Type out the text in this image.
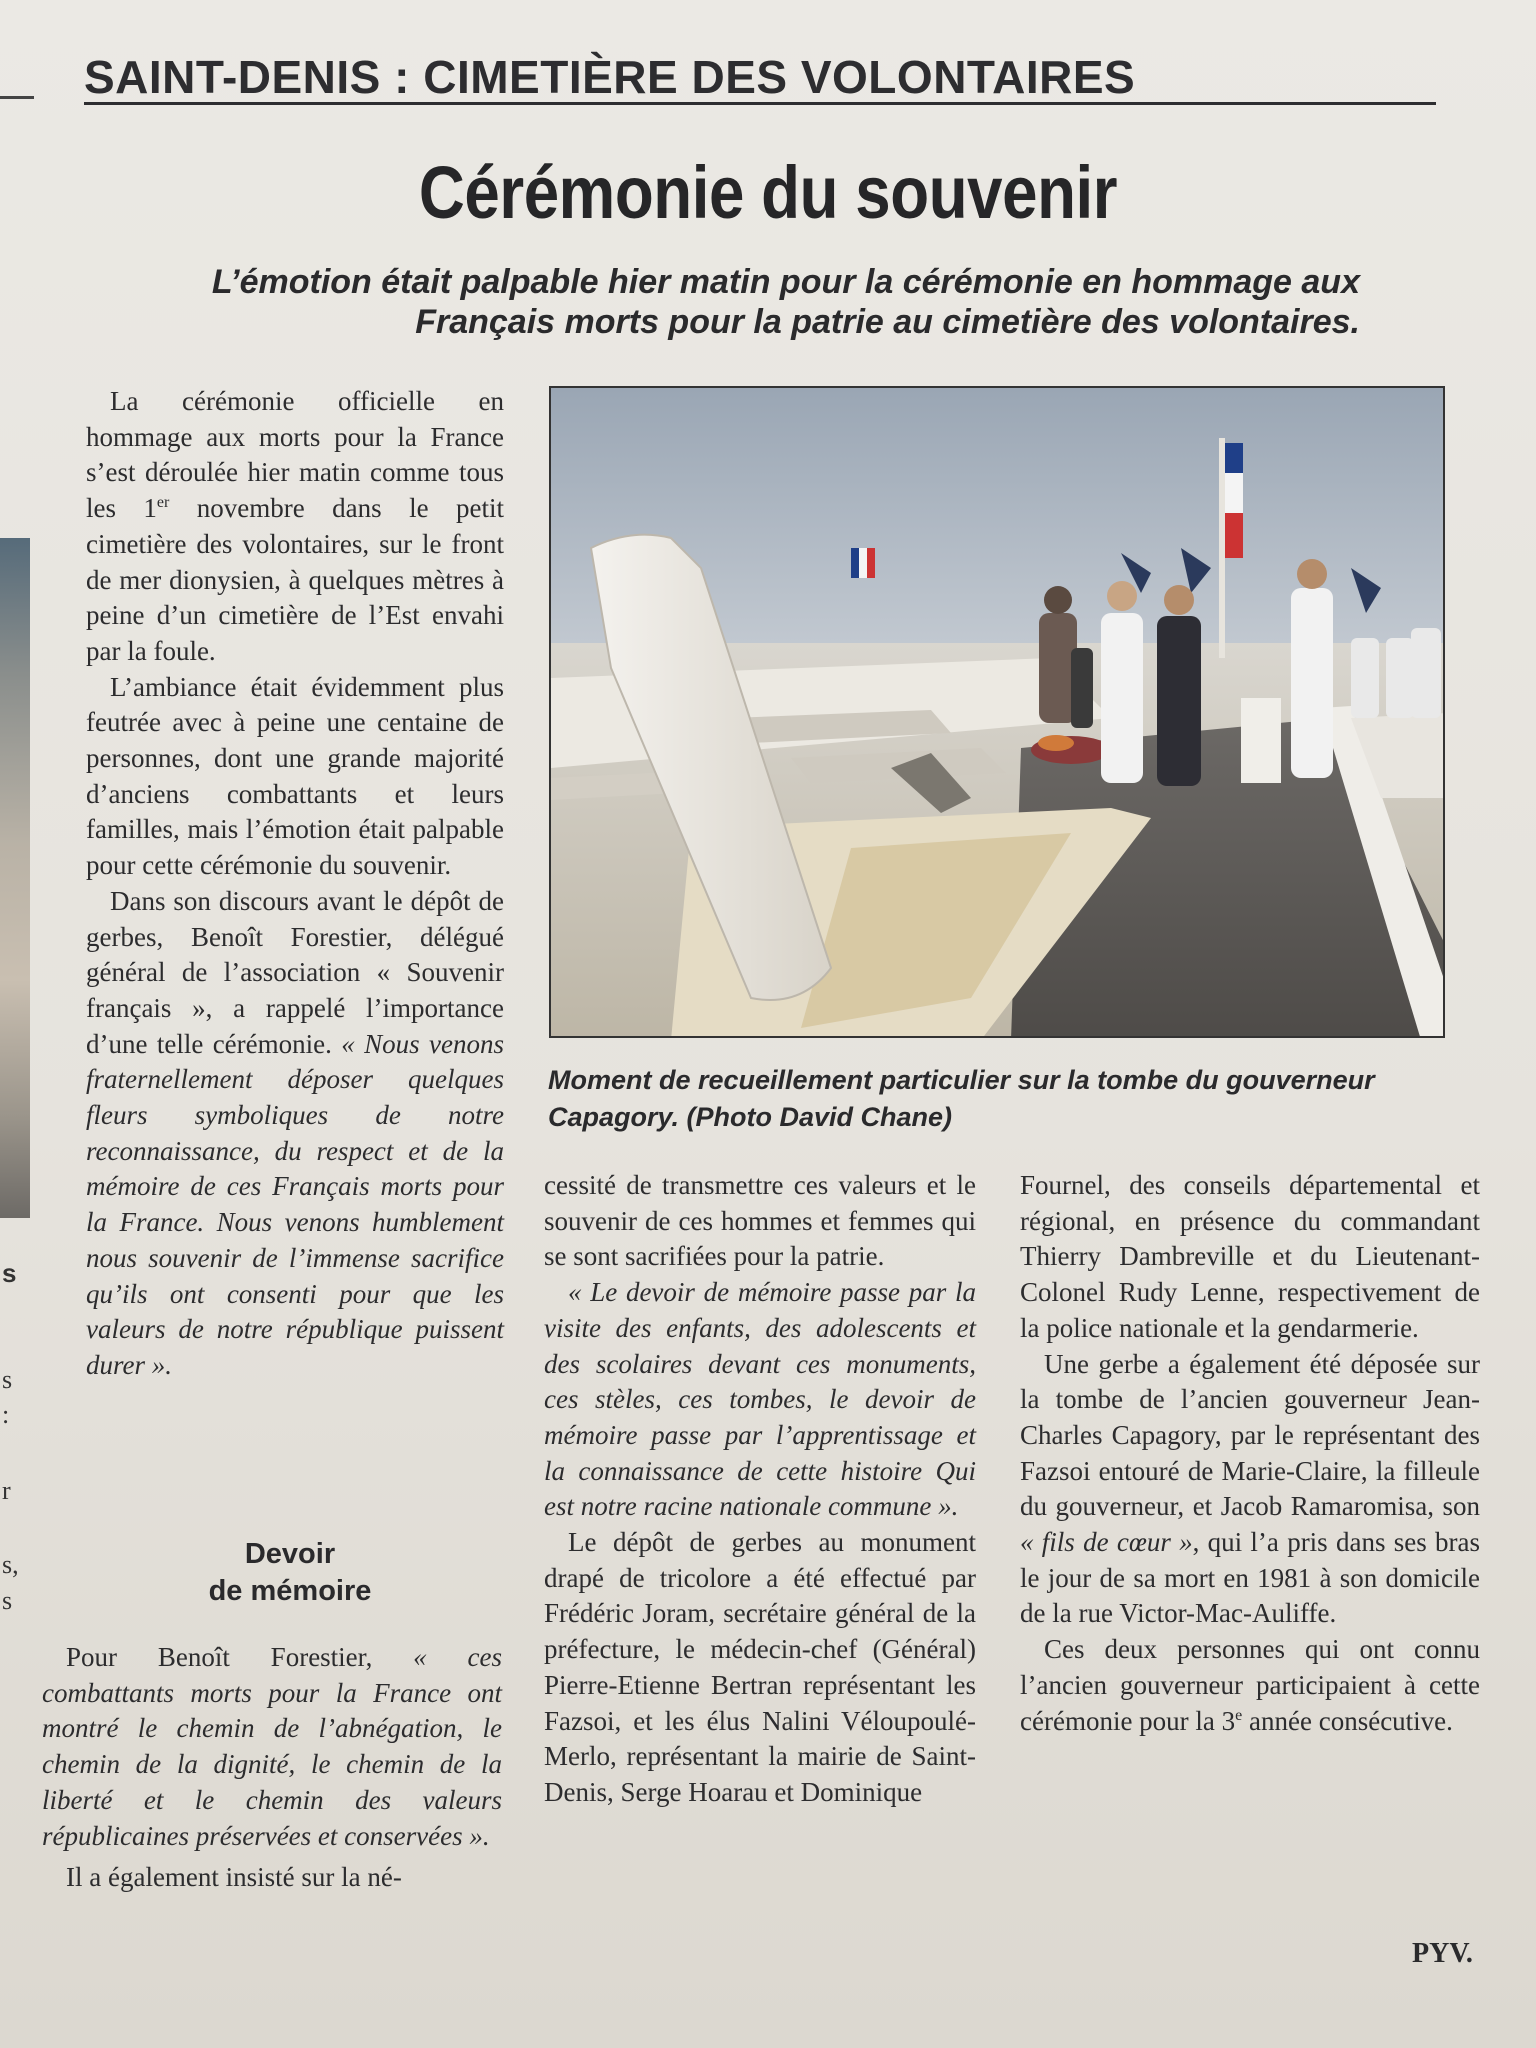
s
s
:
r
s,
s
SAINT-DENIS : CIMETIÈRE DES VOLONTAIRES
Cérémonie du souvenir
L’émotion était palpable hier matin pour la cérémonie en hommage aux Français morts pour la patrie au cimetière des volontaires.

La cérémonie officielle en hommage aux morts pour la France s’est déroulée hier matin comme tous les 1er novembre dans le petit cimetière des volontaires, sur le front de mer dionysien, à quelques mètres à peine d’un cimetière de l’Est envahi par la foule.

L’ambiance était évidemment plus feutrée avec à peine une centaine de personnes, dont une grande majorité d’anciens combattants et leurs familles, mais l’émotion était palpable pour cette cérémonie du souvenir.

Dans son discours avant le dépôt de gerbes, Benoît Forestier, délégué général de l’association « Souvenir français », a rappelé l’importance d’une telle cérémonie. « Nous venons fraternellement déposer quelques fleurs symboliques de notre reconnaissance, du respect et de la mémoire de ces Français morts pour la France. Nous venons humblement nous souvenir de l’immense sacrifice qu’ils ont consenti pour que les valeurs de notre république puissent durer ».

Devoir
de mémoire

Pour Benoît Forestier, « ces combattants morts pour la France ont montré le chemin de l’abnégation, le chemin de la dignité, le chemin de la liberté et le chemin des valeurs républicaines préservées et conservées ».

Il a également insisté sur la né-

Moment de recueillement particulier sur la tombe du gouverneur Capagory. (Photo David Chane)

cessité de transmettre ces valeurs et le souvenir de ces hommes et femmes qui se sont sacrifiées pour la patrie.

« Le devoir de mémoire passe par la visite des enfants, des adolescents et des scolaires devant ces monuments, ces stèles, ces tombes, le devoir de mémoire passe par l’apprentissage et la connaissance de cette histoire Qui est notre racine nationale commune ».

Le dépôt de gerbes au monument drapé de tricolore a été effectué par Frédéric Joram, secrétaire général de la préfecture, le médecin-chef (Général) Pierre-Etienne Bertran représentant les Fazsoi, et les élus Nalini Véloupoulé-Merlo, représentant la mairie de Saint-Denis, Serge Hoarau et Dominique

Fournel, des conseils départemental et régional, en présence du commandant Thierry Dambreville et du Lieutenant-Colonel Rudy Lenne, respectivement de la police nationale et la gendarmerie.

Une gerbe a également été déposée sur la tombe de l’ancien gouverneur Jean-Charles Capagory, par le représentant des Fazsoi entouré de Marie-Claire, la filleule du gouverneur, et Jacob Ramaromisa, son « fils de cœur », qui l’a pris dans ses bras le jour de sa mort en 1981 à son domicile de la rue Victor-Mac-Auliffe.

Ces deux personnes qui ont connu l’ancien gouverneur participaient à cette cérémonie pour la 3e année consécutive.

PYV.
